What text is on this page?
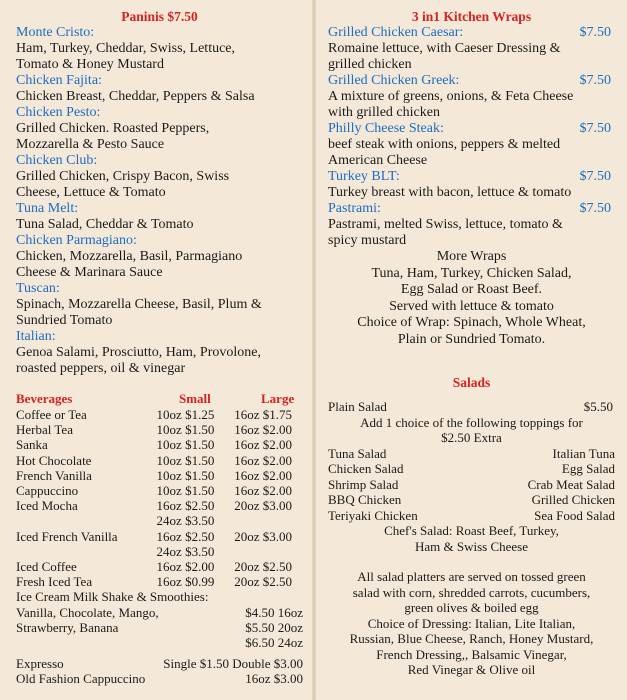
Paninis $7.50
Monte Cristo:
Ham, Turkey, Cheddar, Swiss, Lettuce,
Tomato & Honey Mustard
Chicken Fajita:
Chicken Breast, Cheddar, Peppers & Salsa
Chicken Pesto:
Grilled Chicken. Roasted Peppers,
Mozzarella & Pesto Sauce
Chicken Club:
Grilled Chicken, Crispy Bacon, Swiss
Cheese, Lettuce & Tomato
Tuna Melt:
Tuna Salad, Cheddar & Tomato
Chicken Parmagiano:
Chicken, Mozzarella, Basil, Parmagiano
Cheese & Marinara Sauce
Tuscan:
Spinach, Mozzarella Cheese, Basil, Plum &
Sundried Tomato
Italian:
Genoa Salami, Prosciutto, Ham, Provolone,
roasted peppers, oil & vinegar
Beverages	Small	Large
Coffee or Tea	10oz $1.25	16oz $1.75
Herbal Tea	10oz $1.50	16oz $2.00
Sanka	10oz $1.50	16oz $2.00
Hot Chocolate	10oz $1.50	16oz $2.00
French Vanilla	10oz $1.50	16oz $2.00
Cappuccino	10oz $1.50	16oz $2.00
Iced Mocha	16oz $2.50	20oz $3.00
24oz $3.50
Iced French Vanilla	16oz $2.50	20oz $3.00
24oz $3.50
Iced Coffee	16oz $2.00	20oz $2.50
Fresh Iced Tea	16oz $0.99	20oz $2.50
Ice Cream Milk Shake & Smoothies:
Vanilla, Chocolate, Mango,	$4.50 16oz
Strawberry, Banana	$5.50 20oz
$6.50 24oz
Expresso	Single $1.50 Double $3.00
Old Fashion Cappuccino	16oz $3.00
3 in1 Kitchen Wraps
Grilled Chicken Caesar:	$7.50
Romaine lettuce, with Caeser Dressing &
grilled chicken
Grilled Chicken Greek:	$7.50
A mixture of greens, onions, & Feta Cheese
with grilled chicken
Philly Cheese Steak:	$7.50
beef steak with onions, peppers & melted
American Cheese
Turkey BLT:	$7.50
Turkey breast with bacon, lettuce & tomato
Pastrami:	$7.50
Pastrami, melted Swiss, lettuce, tomato &
spicy mustard
More Wraps
Tuna, Ham, Turkey, Chicken Salad,
Egg Salad or Roast Beef.
Served with lettuce & tomato
Choice of Wrap: Spinach, Whole Wheat,
Plain or Sundried Tomato.
Salads
Plain Salad	$5.50
Add 1 choice of the following toppings for
$2.50 Extra
Tuna Salad	Italian Tuna
Chicken Salad	Egg Salad
Shrimp Salad	Crab Meat Salad
BBQ Chicken	Grilled Chicken
Teriyaki Chicken	Sea Food Salad
Chef's Salad: Roast Beef, Turkey,
Ham & Swiss Cheese
All salad platters are served on tossed green
salad with corn, shredded carrots, cucumbers,
green olives & boiled egg
Choice of Dressing: Italian, Lite Italian,
Russian, Blue Cheese, Ranch, Honey Mustard,
French Dressing,, Balsamic Vinegar,
Red Vinegar & Olive oil
